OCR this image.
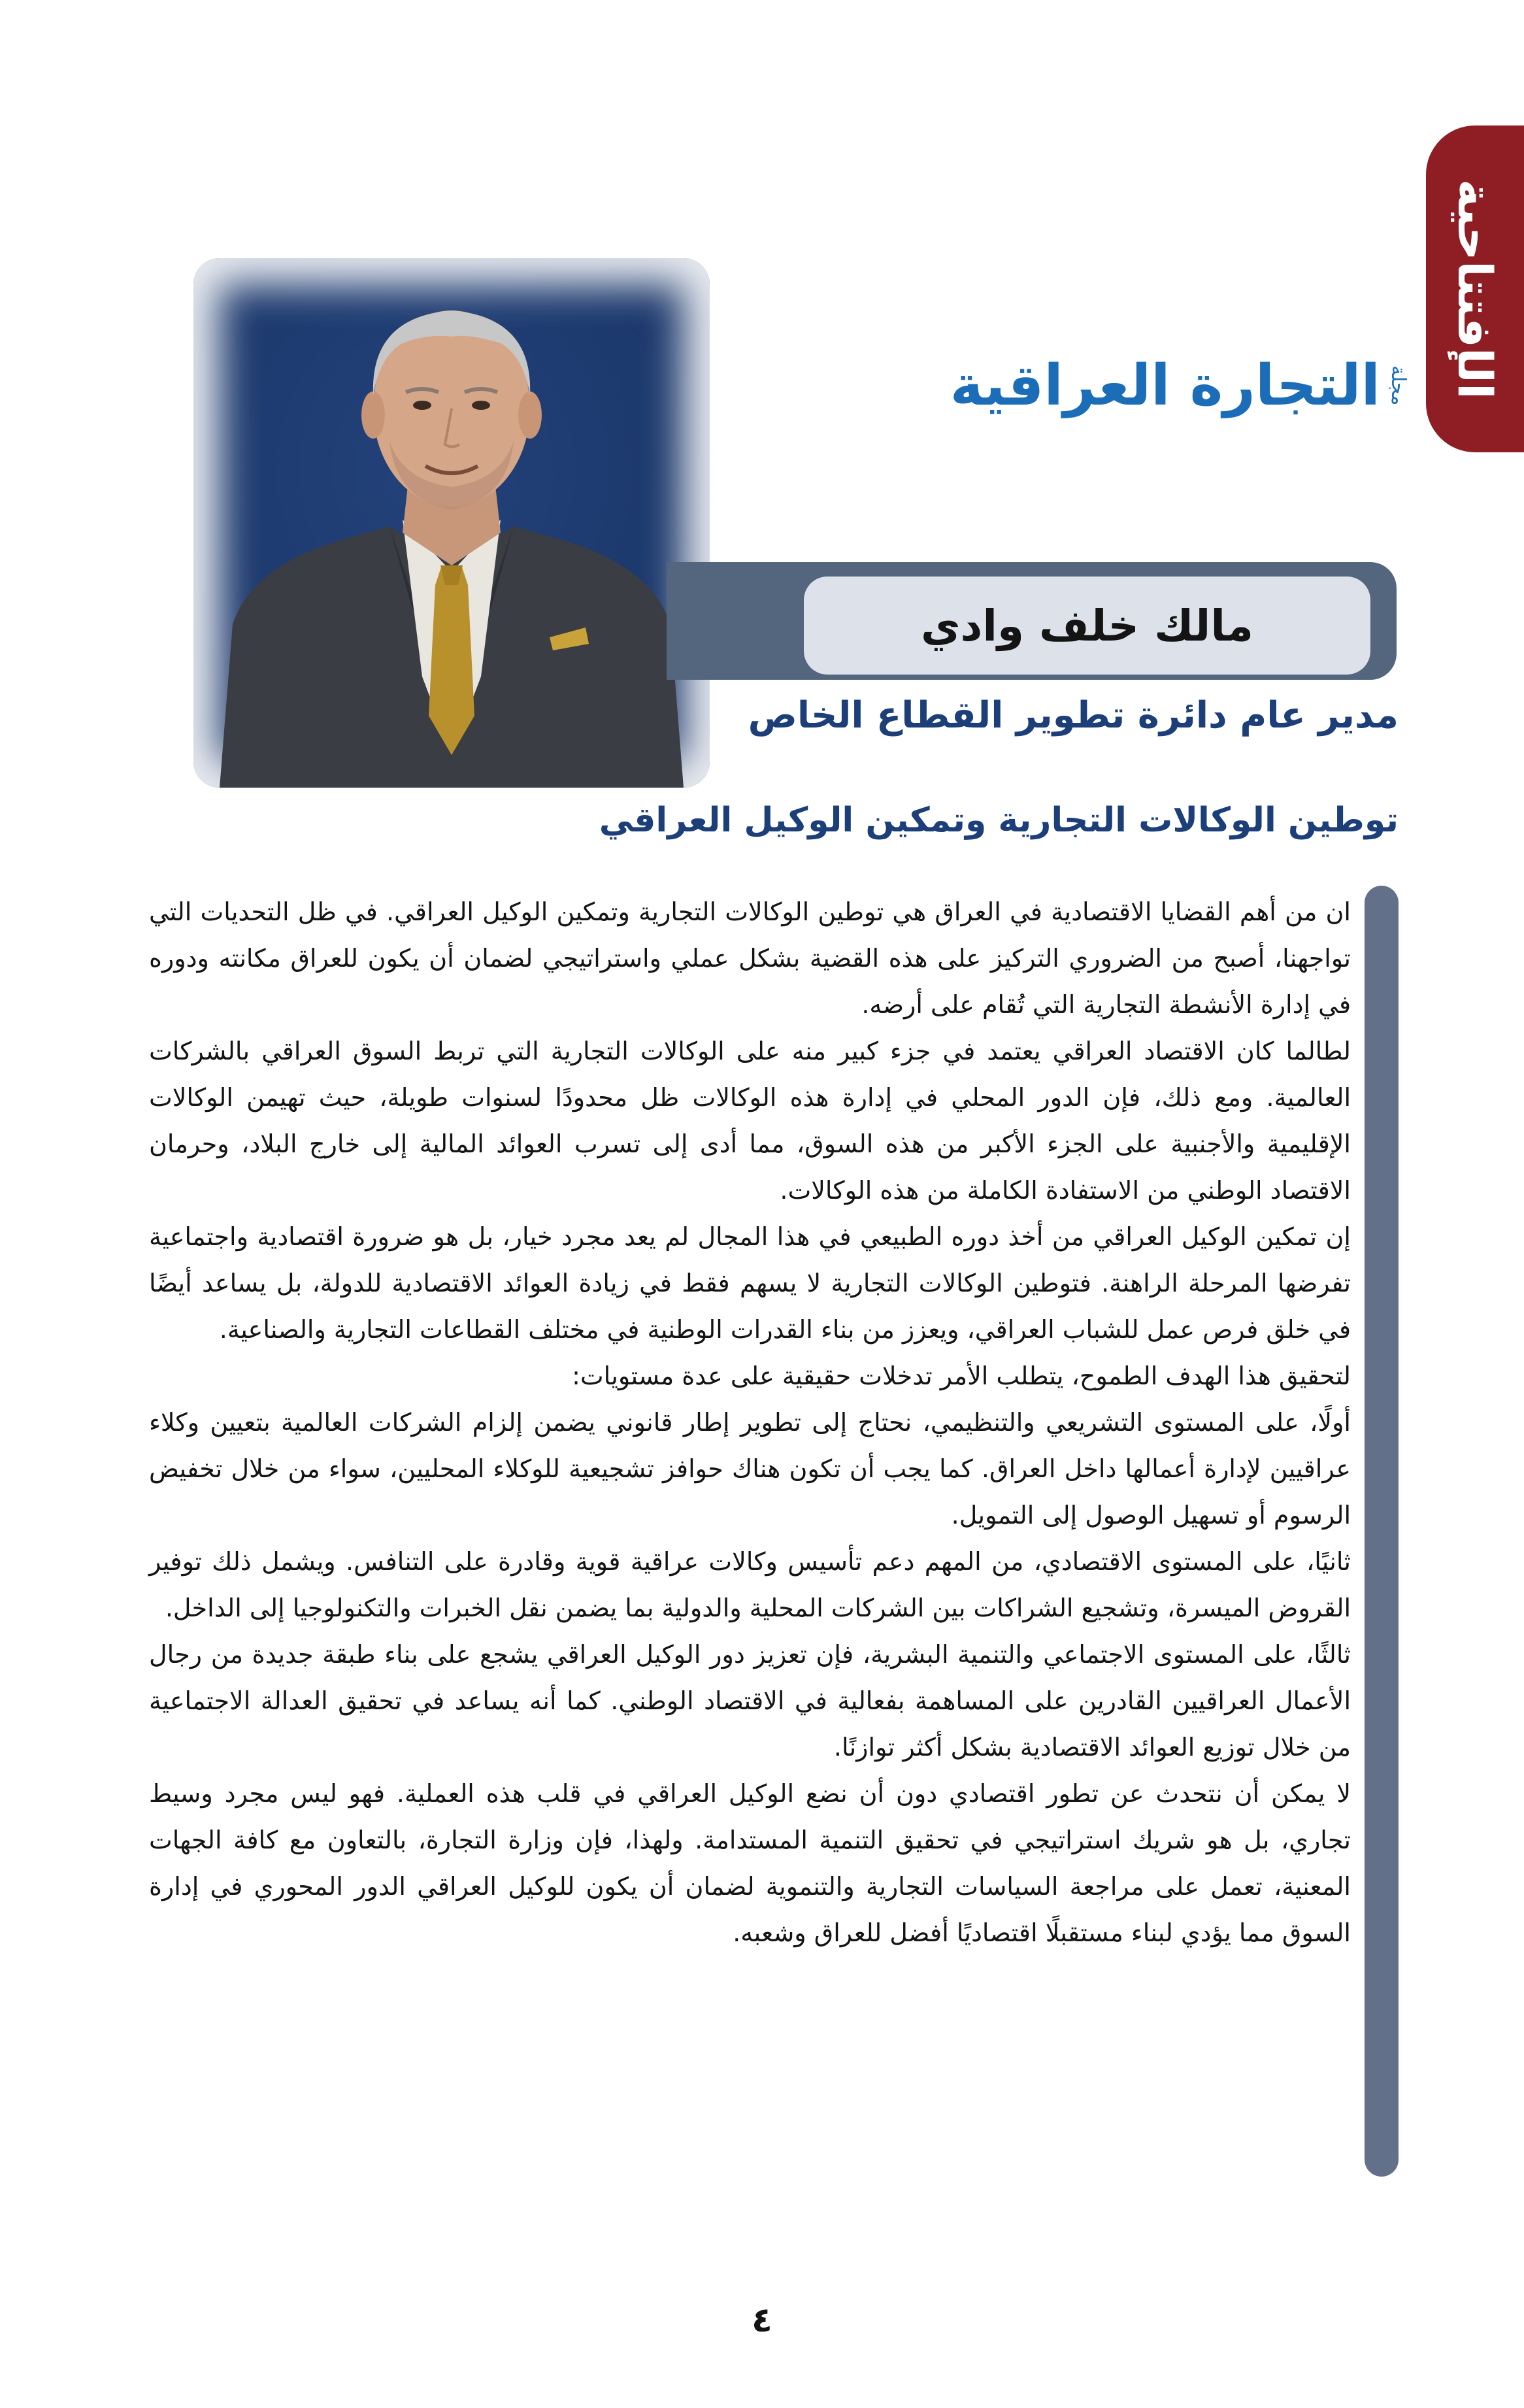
الإفتتاحية
مجلة
التجارة العراقية
مالك خلف وادي
مدير عام دائرة تطوير القطاع الخاص
توطين الوكالات التجارية وتمكين الوكيل العراقي

ان من أهم القضايا الاقتصادية في العراق هي توطين الوكالات التجارية وتمكين الوكيل العراقي. في ظل التحديات التي تواجهنا، أصبح من الضروري التركيز على هذه القضية بشكل عملي واستراتيجي لضمان أن يكون للعراق مكانته ودوره في إدارة الأنشطة التجارية التي تُقام على أرضه.

لطالما كان الاقتصاد العراقي يعتمد في جزء كبير منه على الوكالات التجارية التي تربط السوق العراقي بالشركات العالمية. ومع ذلك، فإن الدور المحلي في إدارة هذه الوكالات ظل محدودًا لسنوات طويلة، حيث تهيمن الوكالات الإقليمية والأجنبية على الجزء الأكبر من هذه السوق، مما أدى إلى تسرب العوائد المالية إلى خارج البلاد، وحرمان الاقتصاد الوطني من الاستفادة الكاملة من هذه الوكالات.

إن تمكين الوكيل العراقي من أخذ دوره الطبيعي في هذا المجال لم يعد مجرد خيار، بل هو ضرورة اقتصادية واجتماعية تفرضها المرحلة الراهنة. فتوطين الوكالات التجارية لا يسهم فقط في زيادة العوائد الاقتصادية للدولة، بل يساعد أيضًا في خلق فرص عمل للشباب العراقي، ويعزز من بناء القدرات الوطنية في مختلف القطاعات التجارية والصناعية.

لتحقيق هذا الهدف الطموح، يتطلب الأمر تدخلات حقيقية على عدة مستويات:

أولًا، على المستوى التشريعي والتنظيمي، نحتاج إلى تطوير إطار قانوني يضمن إلزام الشركات العالمية بتعيين وكلاء عراقيين لإدارة أعمالها داخل العراق. كما يجب أن تكون هناك حوافز تشجيعية للوكلاء المحليين، سواء من خلال تخفيض الرسوم أو تسهيل الوصول إلى التمويل.

ثانيًا، على المستوى الاقتصادي، من المهم دعم تأسيس وكالات عراقية قوية وقادرة على التنافس. ويشمل ذلك توفير القروض الميسرة، وتشجيع الشراكات بين الشركات المحلية والدولية بما يضمن نقل الخبرات والتكنولوجيا إلى الداخل.

ثالثًا، على المستوى الاجتماعي والتنمية البشرية، فإن تعزيز دور الوكيل العراقي يشجع على بناء طبقة جديدة من رجال الأعمال العراقيين القادرين على المساهمة بفعالية في الاقتصاد الوطني. كما أنه يساعد في تحقيق العدالة الاجتماعية من خلال توزيع العوائد الاقتصادية بشكل أكثر توازنًا.

لا يمكن أن نتحدث عن تطور اقتصادي دون أن نضع الوكيل العراقي في قلب هذه العملية. فهو ليس مجرد وسيط تجاري، بل هو شريك استراتيجي في تحقيق التنمية المستدامة. ولهذا، فإن وزارة التجارة، بالتعاون مع كافة الجهات المعنية، تعمل على مراجعة السياسات التجارية والتنموية لضمان أن يكون للوكيل العراقي الدور المحوري في إدارة السوق مما يؤدي لبناء مستقبلًا اقتصاديًا أفضل للعراق وشعبه.

٤
